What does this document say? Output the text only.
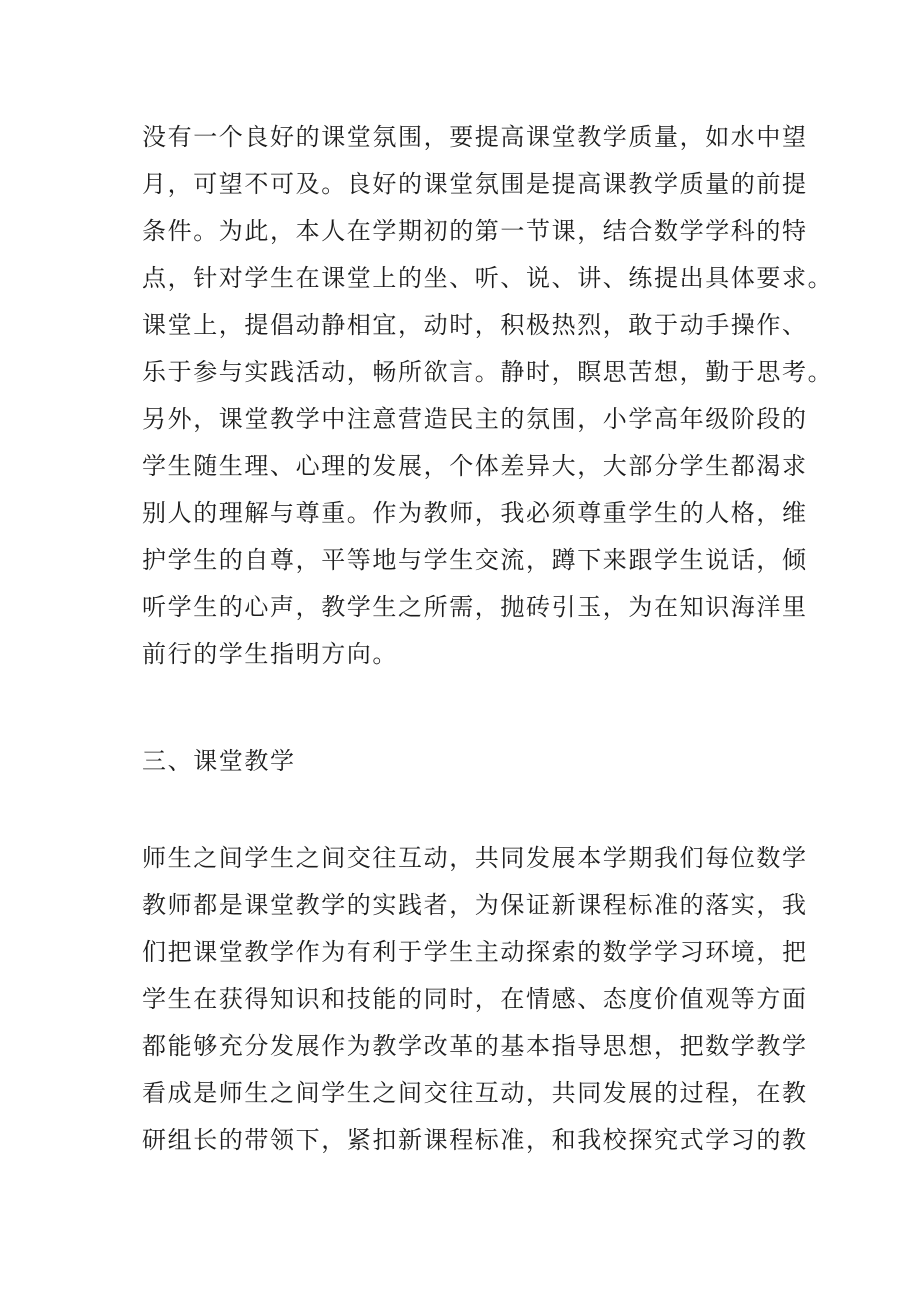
没有一个良好的课堂氛围，要提高课堂教学质量，如水中望
月，可望不可及。良好的课堂氛围是提高课教学质量的前提
条件。为此，本人在学期初的第一节课，结合数学学科的特
点，针对学生在课堂上的坐、听、说、讲、练提出具体要求。
课堂上，提倡动静相宜，动时，积极热烈，敢于动手操作、
乐于参与实践活动，畅所欲言。静时，瞑思苦想，勤于思考。
另外，课堂教学中注意营造民主的氛围，小学高年级阶段的
学生随生理、心理的发展，个体差异大，大部分学生都渴求
别人的理解与尊重。作为教师，我必须尊重学生的人格，维
护学生的自尊，平等地与学生交流，蹲下来跟学生说话，倾
听学生的心声，教学生之所需，抛砖引玉，为在知识海洋里
前行的学生指明方向。
三、课堂教学
师生之间学生之间交往互动，共同发展本学期我们每位数学
教师都是课堂教学的实践者，为保证新课程标准的落实，我
们把课堂教学作为有利于学生主动探索的数学学习环境，把
学生在获得知识和技能的同时，在情感、态度价值观等方面
都能够充分发展作为教学改革的基本指导思想，把数学教学
看成是师生之间学生之间交往互动，共同发展的过程，在教
研组长的带领下，紧扣新课程标准，和我校探究式学习的教
